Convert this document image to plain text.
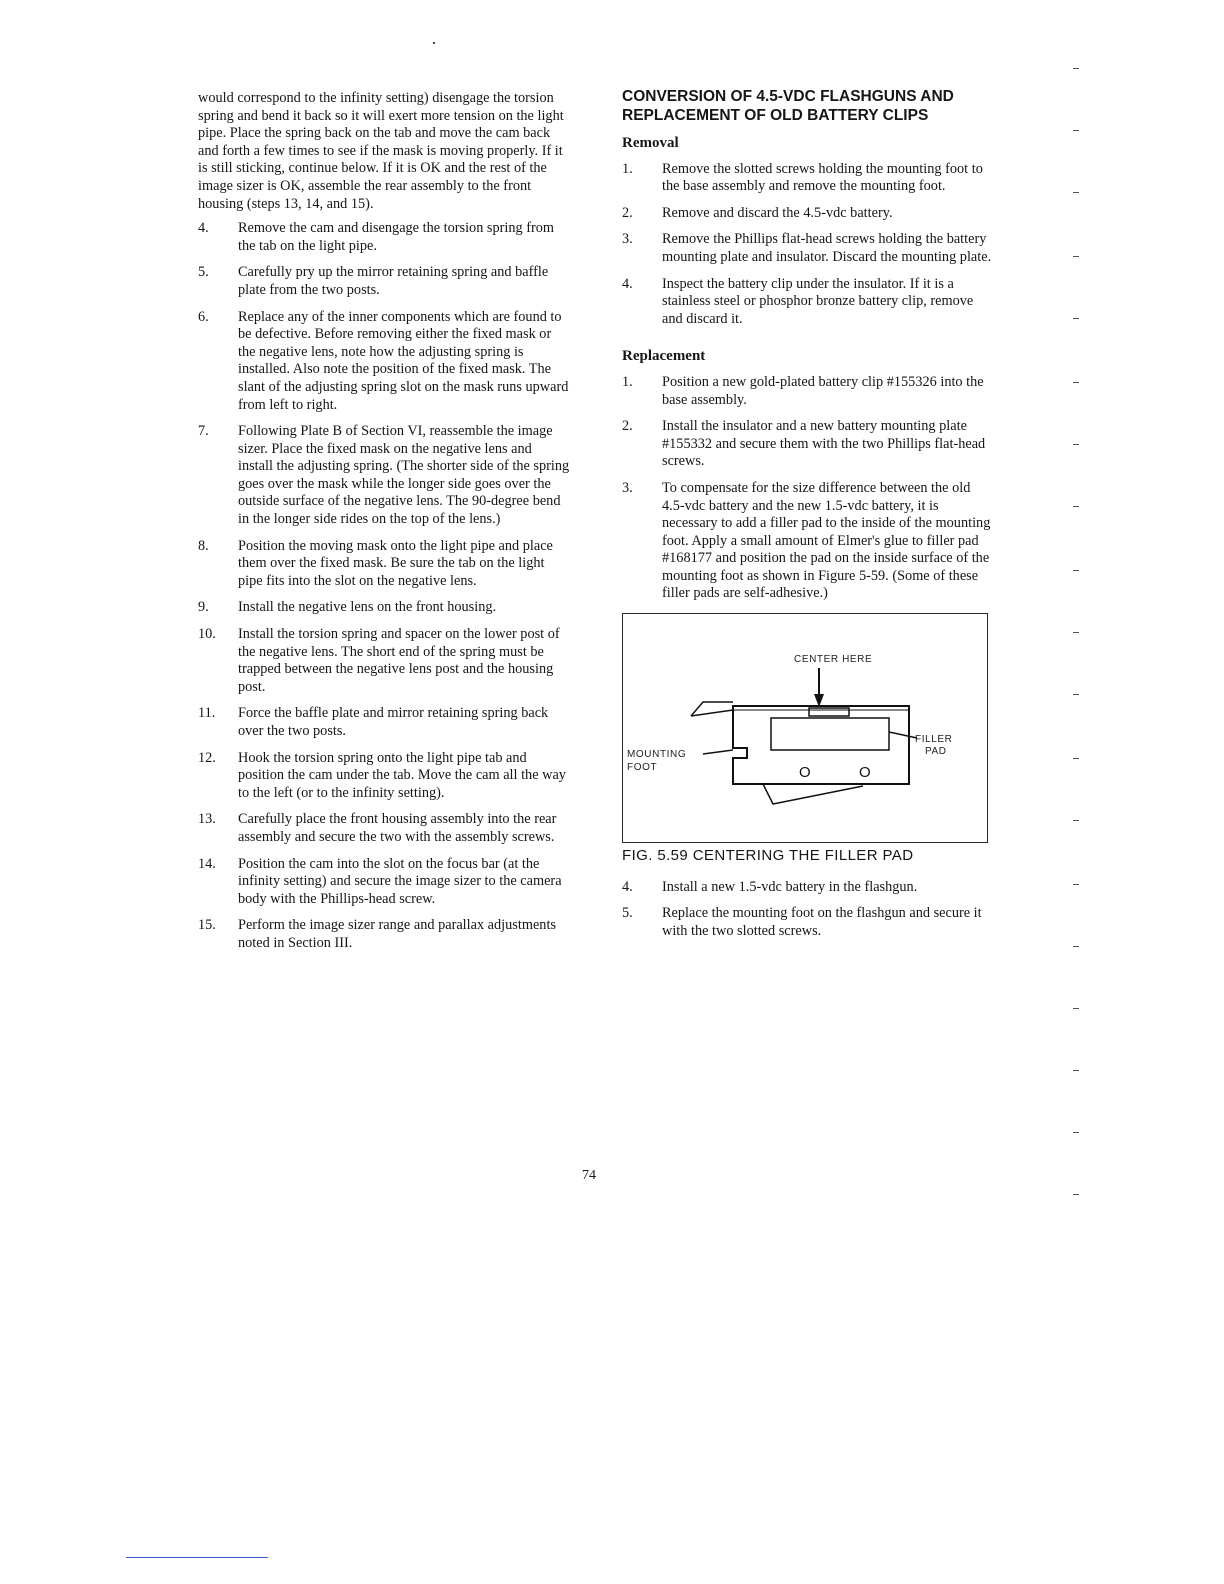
would correspond to the infinity setting) disengage the torsion spring and bend it back so it will exert more tension on the light pipe. Place the spring back on the tab and move the cam back and forth a few times to see if the mask is moving properly. If it is still sticking, continue below. If it is OK and the rest of the image sizer is OK, assemble the rear assembly to the front housing (steps 13, 14, and 15).

4. Remove the cam and disengage the torsion spring from the tab on the light pipe.
5. Carefully pry up the mirror retaining spring and baffle plate from the two posts.
6. Replace any of the inner components which are found to be defective. Before removing either the fixed mask or the negative lens, note how the adjusting spring is installed. Also note the position of the fixed mask. The slant of the adjusting spring slot on the mask runs upward from left to right.
7. Following Plate B of Section VI, reassemble the image sizer. Place the fixed mask on the negative lens and install the adjusting spring. (The shorter side of the spring goes over the mask while the longer side goes over the outside surface of the negative lens. The 90-degree bend in the longer side rides on the top of the lens.)
8. Position the moving mask onto the light pipe and place them over the fixed mask. Be sure the tab on the light pipe fits into the slot on the negative lens.
9. Install the negative lens on the front housing.
10. Install the torsion spring and spacer on the lower post of the negative lens. The short end of the spring must be trapped between the negative lens post and the housing post.
11. Force the baffle plate and mirror retaining spring back over the two posts.
12. Hook the torsion spring onto the light pipe tab and position the cam under the tab. Move the cam all the way to the left (or to the infinity setting).
13. Carefully place the front housing assembly into the rear assembly and secure the two with the assembly screws.
14. Position the cam into the slot on the focus bar (at the infinity setting) and secure the image sizer to the camera body with the Phillips-head screw.
15. Perform the image sizer range and parallax adjustments noted in Section III.
CONVERSION OF 4.5-VDC FLASHGUNS AND REPLACEMENT OF OLD BATTERY CLIPS
Removal
1. Remove the slotted screws holding the mounting foot to the base assembly and remove the mounting foot.
2. Remove and discard the 4.5-vdc battery.
3. Remove the Phillips flat-head screws holding the battery mounting plate and insulator. Discard the mounting plate.
4. Inspect the battery clip under the insulator. If it is a stainless steel or phosphor bronze battery clip, remove and discard it.
Replacement
1. Position a new gold-plated battery clip #155326 into the base assembly.
2. Install the insulator and a new battery mounting plate #155332 and secure them with the two Phillips flat-head screws.
3. To compensate for the size difference between the old 4.5-vdc battery and the new 1.5-vdc battery, it is necessary to add a filler pad to the inside of the mounting foot. Apply a small amount of Elmer's glue to filler pad #168177 and position the pad on the inside surface of the mounting foot as shown in Figure 5-59. (Some of these filler pads are self-adhesive.)
CENTER HERE
FILLER
PAD
MOUNTING
FOOT	O	O
FIG. 5.59 CENTERING THE FILLER PAD
4. Install a new 1.5-vdc battery in the flashgun.
5. Replace the mounting foot on the flashgun and secure it with the two slotted screws.
74
